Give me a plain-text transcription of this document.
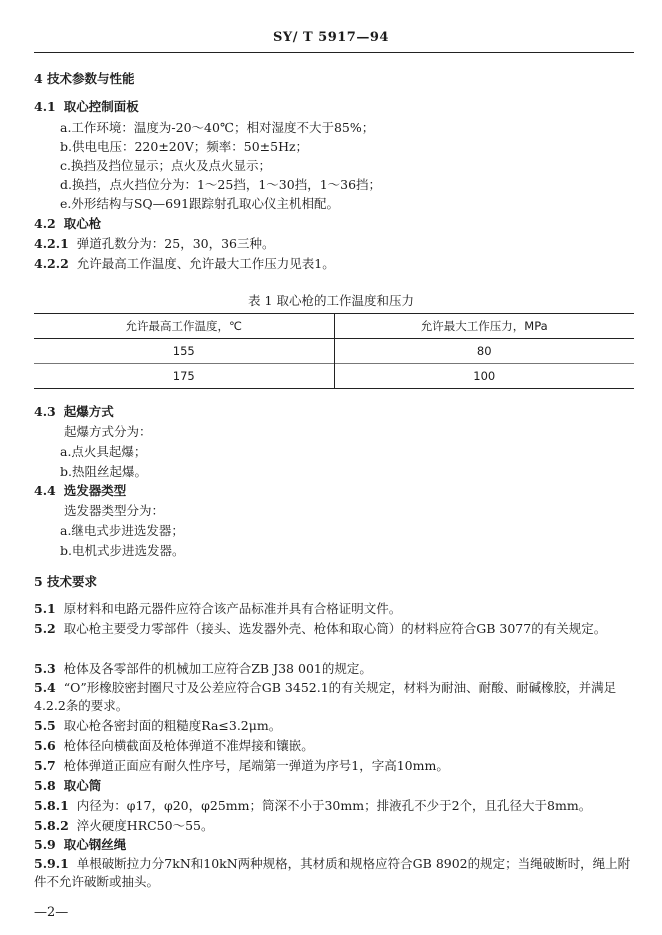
SY/ T 5917—94
4 技术参数与性能
4.1 取心控制面板
a.工作环境：温度为-20～40℃；相对湿度不大于85%；
b.供电电压：220±20V；频率：50±5Hz；
c.换挡及挡位显示；点火及点火显示；
d.换挡，点火挡位分为：1～25挡，1～30挡，1～36挡；
e.外形结构与SQ—691跟踪射孔取心仪主机相配。
4.2 取心枪
4.2.1 弹道孔数分为：25，30，36三种。
4.2.2 允许最高工作温度、允许最大工作压力见表1。
表 1 取心枪的工作温度和压力
允许最高工作温度，℃	允许最大工作压力，MPa
155	80
175	100
4.3 起爆方式
起爆方式分为：
a.点火具起爆；
b.热阻丝起爆。
4.4 选发器类型
选发器类型分为：
a.继电式步进选发器；
b.电机式步进选发器。
5 技术要求
5.1 原材料和电路元器件应符合该产品标准并具有合格证明文件。
5.2 取心枪主要受力零部件（接头、选发器外壳、枪体和取心筒）的材料应符合GB 3077的有关规定。
5.3 枪体及各零部件的机械加工应符合ZB J38 001的规定。
5.4 “O”形橡胶密封圈尺寸及公差应符合GB 3452.1的有关规定，材料为耐油、耐酸、耐碱橡胶，并满足4.2.2条的要求。
5.5 取心枪各密封面的粗糙度Ra≤3.2μm。
5.6 枪体径向横截面及枪体弹道不准焊接和镶嵌。
5.7 枪体弹道正面应有耐久性序号，尾端第一弹道为序号1，字高10mm。
5.8 取心筒
5.8.1 内径为：φ17，φ20，φ25mm；筒深不小于30mm；排液孔不少于2个，且孔径大于8mm。
5.8.2 淬火硬度HRC50～55。
5.9 取心钢丝绳
5.9.1 单根破断拉力分7kN和10kN两种规格，其材质和规格应符合GB 8902的规定；当绳破断时，绳上附件不允许破断或抽头。
—2—
